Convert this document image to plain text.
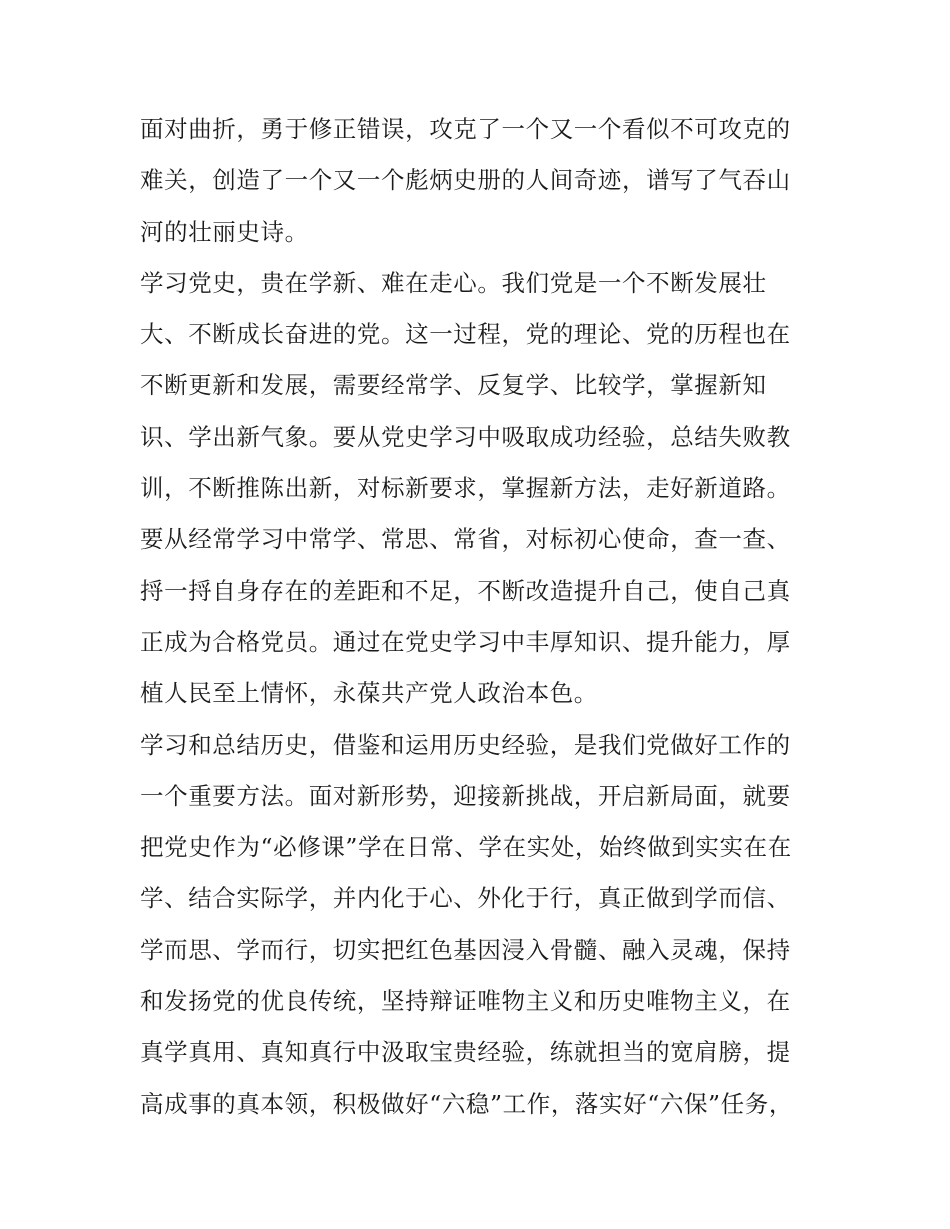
面对曲折，勇于修正错误，攻克了一个又一个看似不可攻克的
难关，创造了一个又一个彪炳史册的人间奇迹，谱写了气吞山
河的壮丽史诗。
学习党史，贵在学新、难在走心。我们党是一个不断发展壮
大、不断成长奋进的党。这一过程，党的理论、党的历程也在
不断更新和发展，需要经常学、反复学、比较学，掌握新知
识、学出新气象。要从党史学习中吸取成功经验，总结失败教
训，不断推陈出新，对标新要求，掌握新方法，走好新道路。
要从经常学习中常学、常思、常省，对标初心使命，查一查、
捋一捋自身存在的差距和不足，不断改造提升自己，使自己真
正成为合格党员。通过在党史学习中丰厚知识、提升能力，厚
植人民至上情怀，永葆共产党人政治本色。
学习和总结历史，借鉴和运用历史经验，是我们党做好工作的
一个重要方法。面对新形势，迎接新挑战，开启新局面，就要
把党史作为“必修课”学在日常、学在实处，始终做到实实在在
学、结合实际学，并内化于心、外化于行，真正做到学而信、
学而思、学而行，切实把红色基因浸入骨髓、融入灵魂，保持
和发扬党的优良传统，坚持辩证唯物主义和历史唯物主义，在
真学真用、真知真行中汲取宝贵经验，练就担当的宽肩膀，提
高成事的真本领，积极做好“六稳”工作，落实好“六保”任务，
